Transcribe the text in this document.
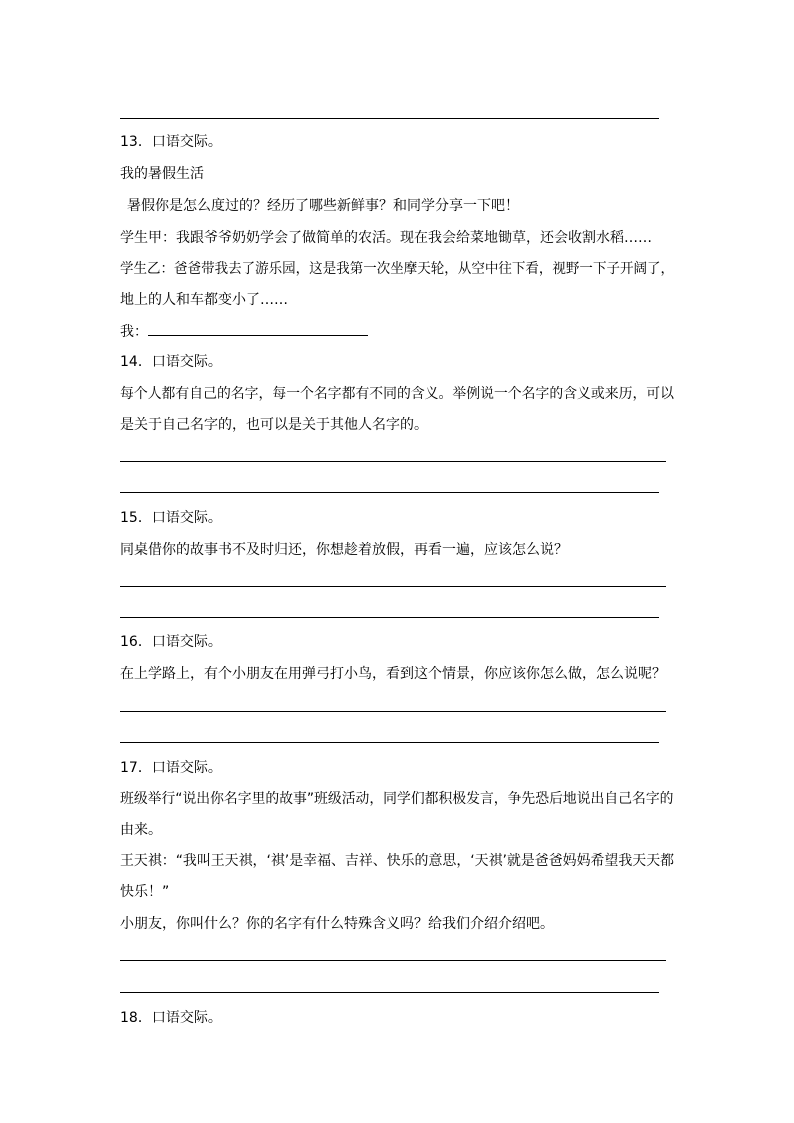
13．口语交际。

我的暑假生活

暑假你是怎么度过的？经历了哪些新鲜事？和同学分享一下吧！

学生甲：我跟爷爷奶奶学会了做简单的农活。现在我会给菜地锄草，还会收割水稻……

学生乙：爸爸带我去了游乐园，这是我第一次坐摩天轮，从空中往下看，视野一下子开阔了，

地上的人和车都变小了……

我：

14．口语交际。

每个人都有自己的名字，每一个名字都有不同的含义。举例说一个名字的含义或来历，可以

是关于自己名字的，也可以是关于其他人名字的。

15．口语交际。

同桌借你的故事书不及时归还，你想趁着放假，再看一遍，应该怎么说？

16．口语交际。

在上学路上，有个小朋友在用弹弓打小鸟，看到这个情景，你应该你怎么做，怎么说呢？

17．口语交际。

班级举行“说出你名字里的故事”班级活动，同学们都积极发言，争先恐后地说出自己名字的

由来。

王天祺：“我叫王天祺，‘祺’是幸福、吉祥、快乐的意思，‘天祺’就是爸爸妈妈希望我天天都

快乐！”

小朋友，你叫什么？你的名字有什么特殊含义吗？给我们介绍介绍吧。

18．口语交际。
